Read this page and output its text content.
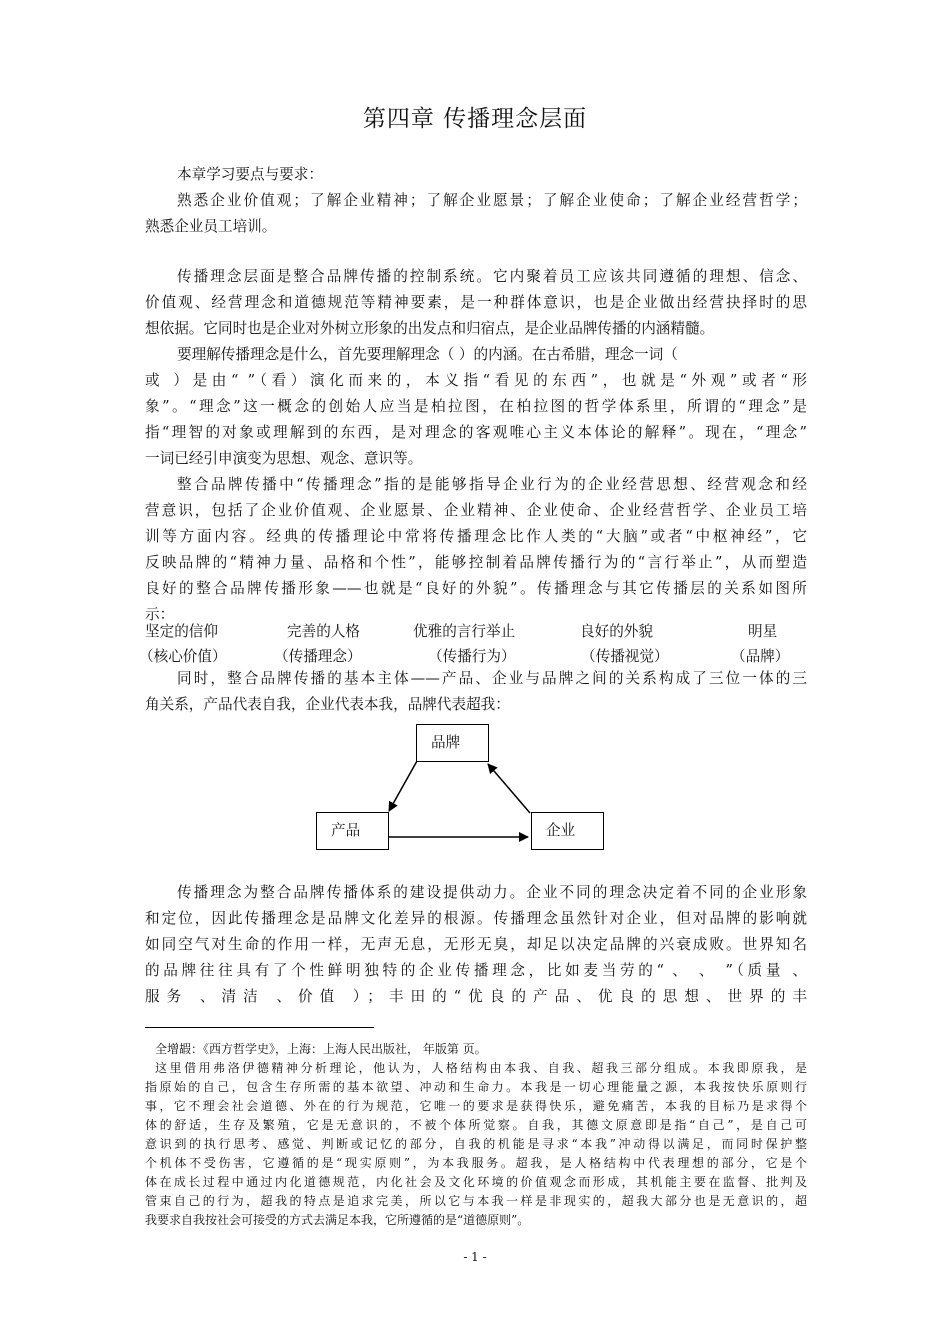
第四章 传播理念层面
本章学习要点与要求：
熟悉企业价值观；了解企业精神；了解企业愿景；了解企业使命；了解企业经营哲学；
熟悉企业员工培训。
传播理念层面是整合品牌传播的控制系统。它内聚着员工应该共同遵循的理想、信念、
价值观、经营理念和道德规范等精神要素，是一种群体意识，也是企业做出经营抉择时的思
想依据。它同时也是企业对外树立形象的出发点和归宿点，是企业品牌传播的内涵精髓。
要理解传播理念是什么，首先要理解理念（ ）的内涵。在古希腊，理念一词（
或 ）是由“ ”（看）演化而来的，本义指“看见的东西”，也就是“外观”或者“形
象”。“理念”这一概念的创始人应当是柏拉图，在柏拉图的哲学体系里，所谓的“理念”是
指“理智的对象或理解到的东西，是对理念的客观唯心主义本体论的解释”。现在，“理念”
一词已经引申演变为思想、观念、意识等。
整合品牌传播中“传播理念”指的是能够指导企业行为的企业经营思想、经营观念和经
营意识，包括了企业价值观、企业愿景、企业精神、企业使命、企业经营哲学、企业员工培
训等方面内容。经典的传播理论中常将传播理念比作人类的“大脑”或者“中枢神经”，它
反映品牌的“精神力量、品格和个性”，能够控制着品牌传播行为的“言行举止”，从而塑造
良好的整合品牌传播形象——也就是“良好的外貌”。传播理念与其它传播层的关系如图所
示：
坚定的信仰	完善的人格	优雅的言行举止	良好的外貌	明星
（核心价值）	（传播理念）	（传播行为）	（传播视觉）	（品牌）
同时，整合品牌传播的基本主体——产品、企业与品牌之间的关系构成了三位一体的三
角关系，产品代表自我，企业代表本我，品牌代表超我：
品牌
产品	企业
传播理念为整合品牌传播体系的建设提供动力。企业不同的理念决定着不同的企业形象
和定位，因此传播理念是品牌文化差异的根源。传播理念虽然针对企业，但对品牌的影响就
如同空气对生命的作用一样，无声无息，无形无臭，却足以决定品牌的兴衰成败。世界知名
的品牌往往具有了个性鲜明独特的企业传播理念，比如麦当劳的“ 、 、 ”（质量 、
服务 、清洁 、价值 ）；丰田的“优良的产品、优良的思想、世界的丰
全增嘏：《西方哲学史》，上海：上海人民出版社， 年版第 页。
这里借用弗洛伊德精神分析理论，他认为，人格结构由本我、自我、超我三部分组成。本我即原我，是
指原始的自己，包含生存所需的基本欲望、冲动和生命力。本我是一切心理能量之源，本我按快乐原则行
事，它不理会社会道德、外在的行为规范，它唯一的要求是获得快乐，避免痛苦，本我的目标乃是求得个
体的舒适，生存及繁殖，它是无意识的，不被个体所觉察。自我，其德文原意即是指“自己”，是自己可
意识到的执行思考、感觉、判断或记忆的部分，自我的机能是寻求“本我”冲动得以满足，而同时保护整
个机体不受伤害，它遵循的是“现实原则”，为本我服务。超我，是人格结构中代表理想的部分，它是个
体在成长过程中通过内化道德规范，内化社会及文化环境的价值观念而形成，其机能主要在监督、批判及
管束自己的行为，超我的特点是追求完美，所以它与本我一样是非现实的，超我大部分也是无意识的，超
我要求自我按社会可接受的方式去满足本我，它所遵循的是“道德原则”。
- 1 -
